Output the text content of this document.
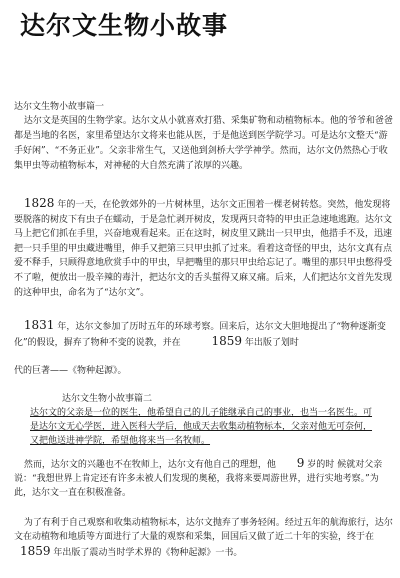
达尔文生物小故事
达尔文生物小故事篇一

达尔文是英国的生物学家。达尔文从小就喜欢打猎、采集矿物和动植物标本。他的爷爷和爸爸都是当地的名医，家里希望达尔文将来也能从医，于是他送到医学院学习。可是达尔文整天“游手好闲”、“不务正业”。父亲非常生气，又送他到剑桥大学学神学。然而，达尔文仍然热心于收集甲虫等动植物标本，对神秘的大自然充满了浓厚的兴趣。

1828 年的一天，在伦敦郊外的一片树林里，达尔文正围着一棵老树转悠。突然，他发现将要脱落的树皮下有虫子在蠕动，于是急忙剥开树皮，发现两只奇特的甲虫正急速地逃跑。达尔文马上把它们抓在手里，兴奋地观看起来。正在这时，树皮里又跳出一只甲虫，他措手不及，迅速把一只手里的甲虫藏进嘴里，伸手又把第三只甲虫抓了过来。看着这奇怪的甲虫，达尔文真有点爱不释手，只顾得意地欣赏手中的甲虫，早把嘴里的那只甲虫给忘记了。嘴里的那只甲虫憋得受不了啦，便放出一股辛辣的毒汁，把达尔文的舌头蜇得又麻又痛。后来，人们把达尔文首先发现的这种甲虫，命名为了“达尔文”。

1831 年，达尔文参加了历时五年的环球考察。回来后，达尔文大胆地提出了“物种逐渐变化”的假设，摒弃了物种不变的说教，并在	1859 年出版了划时

代的巨著——《物种起源》。
达尔文生物小故事篇二

达尔文的父亲是一位的医生，他希望自己的儿子能继承自己的事业，也当一名医生。可是达尔文无心学医，进入医科大学后，他成天去收集动植物标本，父亲对他无可奈何，又把他送进神学院，希望他将来当一名牧师。

然而，达尔文的兴趣也不在牧师上，达尔文有他自己的理想，他 9 岁的时 候就对父亲说：“我想世界上肯定还有许多未被人们发现的奥秘，我将来要周游世界，进行实地考察。”为此，达尔文一直在积极准备。

为了有利于自己观察和收集动植物标本，达尔文抛弃了事务轻闲。经过五年的航海旅行，达尔文在动植物和地质等方面进行了大量的观察和采集，回国后又做了近二十年的实验，终于在 1859 年出版了震动当时学术界的《物种起源》一书。
